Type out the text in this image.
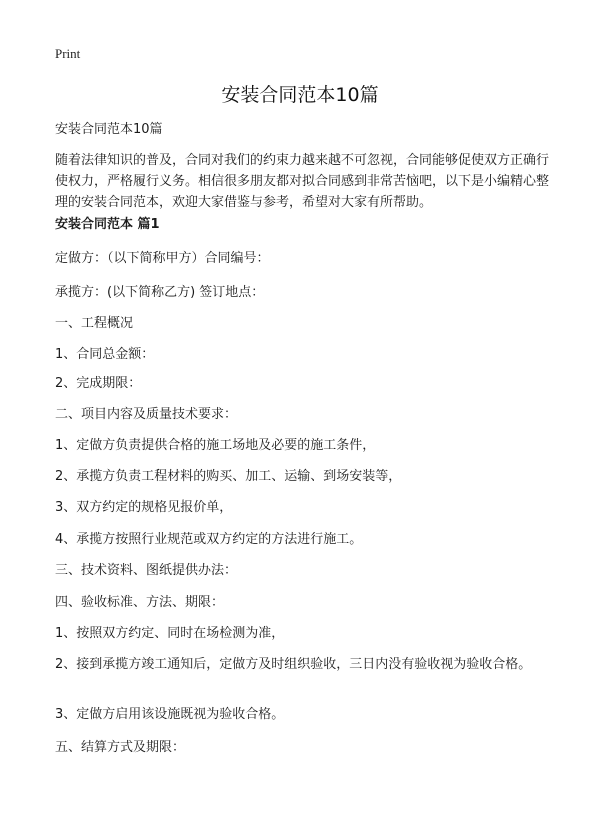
Print
安装合同范本10篇
安装合同范本10篇
随着法律知识的普及，合同对我们的约束力越来越不可忽视，合同能够促使双方正确行使权力，严格履行义务。相信很多朋友都对拟合同感到非常苦恼吧，以下是小编精心整理的安装合同范本，欢迎大家借鉴与参考，希望对大家有所帮助。
安装合同范本 篇1
定做方：（以下简称甲方）合同编号：
承揽方：(以下简称乙方) 签订地点：
一、工程概况
1、合同总金额：
2、完成期限：
二、项目内容及质量技术要求：
1、定做方负责提供合格的施工场地及必要的施工条件，
2、承揽方负责工程材料的购买、加工、运输、到场安装等，
3、双方约定的规格见报价单，
4、承揽方按照行业规范或双方约定的方法进行施工。
三、技术资料、图纸提供办法：
四、验收标准、方法、期限：
1、按照双方约定、同时在场检测为准，
2、接到承揽方竣工通知后，定做方及时组织验收，三日内没有验收视为验收合格。
3、定做方启用该设施既视为验收合格。
五、结算方式及期限：
